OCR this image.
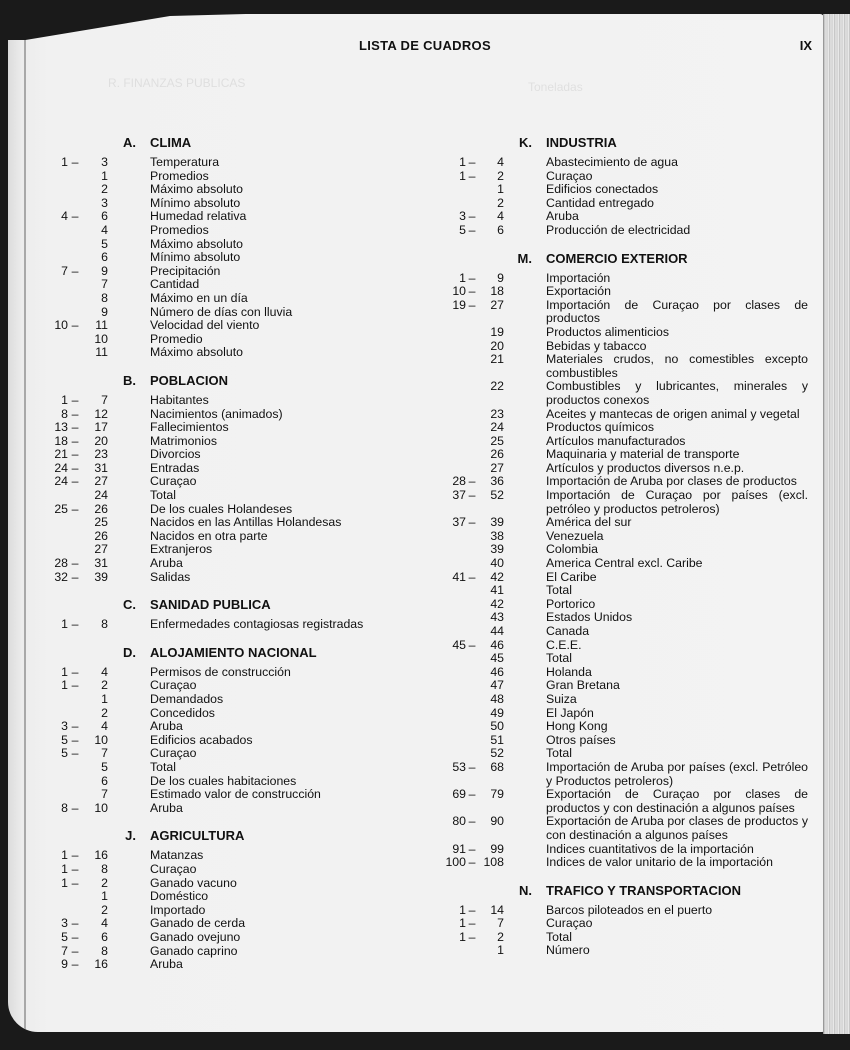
R. FINANZAS PUBLICAS	Toneladas
LISTA DE CUADROS	IX
A.	CLIMA
1 –	3	Temperatura
1	Promedios
2	Máximo absoluto
3	Mínimo absoluto
4 –	6	Humedad relativa
4	Promedios
5	Máximo absoluto
6	Mínimo absoluto
7 –	9	Precipitación
7	Cantidad
8	Máximo en un día
9	Número de días con lluvia
10 –	11	Velocidad del viento
10	Promedio
11	Máximo absoluto
B.	POBLACION
1 –	7	Habitantes
8 –	12	Nacimientos (animados)
13 –	17	Fallecimientos
18 –	20	Matrimonios
21 –	23	Divorcios
24 –	31	Entradas
24 –	27	Curaçao
24	Total
25 –	26	De los cuales Holandeses
25	Nacidos en las Antillas Holandesas
26	Nacidos en otra parte
27	Extranjeros
28 –	31	Aruba
32 –	39	Salidas
C.	SANIDAD PUBLICA
1 –	8	Enfermedades contagiosas registradas
D.	ALOJAMIENTO NACIONAL
1 –	4	Permisos de construcción
1 –	2	Curaçao
1	Demandados
2	Concedidos
3 –	4	Aruba
5 –	10	Edificios acabados
5 –	7	Curaçao
5	Total
6	De los cuales habitaciones
7	Estimado valor de construcción
8 –	10	Aruba
J.	AGRICULTURA
1 –	16	Matanzas
1 –	8	Curaçao
1 –	2	Ganado vacuno
1	Doméstico
2	Importado
3 –	4	Ganado de cerda
5 –	6	Ganado ovejuno
7 –	8	Ganado caprino
9 –	16	Aruba
K.	INDUSTRIA
1 –	4	Abastecimiento de agua
1 –	2	Curaçao
1	Edificios conectados
2	Cantidad entregado
3 –	4	Aruba
5 –	6	Producción de electricidad
M.	COMERCIO EXTERIOR
1 –	9	Importación
10 –	18	Exportación
19 –	27	Importación de Curaçao por clases de productos
19	Productos alimenticios
20	Bebidas y tabacco
21	Materiales crudos, no comestibles excepto combustibles
22	Combustibles y lubricantes, minerales y productos conexos
23	Aceites y mantecas de origen animal y vegetal
24	Productos químicos
25	Artículos manufacturados
26	Maquinaria y material de transporte
27	Artículos y productos diversos n.e.p.
28 –	36	Importación de Aruba por clases de productos
37 –	52	Importación de Curaçao por países (excl. petróleo y productos petroleros)
37 –	39	América del sur
38	Venezuela
39	Colombia
40	America Central excl. Caribe
41 –	42	El Caribe
41	Total
42	Portorico
43	Estados Unidos
44	Canada
45 –	46	C.E.E.
45	Total
46	Holanda
47	Gran Bretana
48	Suiza
49	El Japón
50	Hong Kong
51	Otros países
52	Total
53 –	68	Importación de Aruba por países (excl. Petróleo y Productos petroleros)
69 –	79	Exportación de Curaçao por clases de productos y con destinación a algunos países
80 –	90	Exportación de Aruba por clases de productos y con destinación a algunos países
91 –	99	Indices cuantitativos de la importación
100 – 108	Indices de valor unitario de la importación
N.	TRAFICO Y TRANSPORTACION
1 –	14	Barcos piloteados en el puerto
1 –	7	Curaçao
1 –	2	Total
1	Número
